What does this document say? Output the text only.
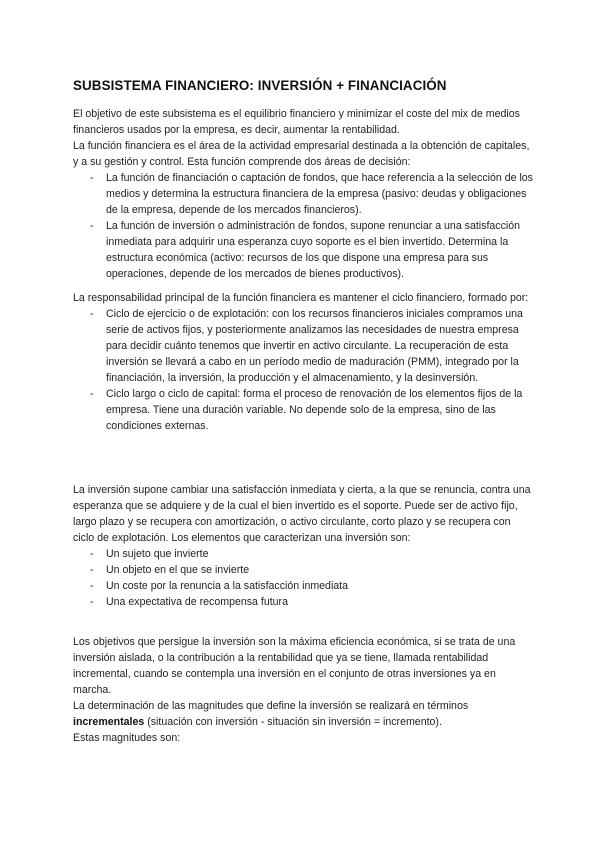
SUBSISTEMA FINANCIERO: INVERSIÓN + FINANCIACIÓN

El objetivo de este subsistema es el equilibrio financiero y minimizar el coste del mix de medios financieros usados por la empresa, es decir, aumentar la rentabilidad.

La función financiera es el área de la actividad empresarial destinada a la obtención de capitales, y a su gestión y control. Esta función comprende dos áreas de decisión:

- La función de financiación o captación de fondos, que hace referencia a la selección de los medios y determina la estructura financiera de la empresa (pasivo: deudas y obligaciones de la empresa, depende de los mercados financieros).
- La función de inversión o administración de fondos, supone renunciar a una satisfacción inmediata para adquirir una esperanza cuyo soporte es el bien invertido. Determina la estructura económica (activo: recursos de los que dispone una empresa para sus operaciones, depende de los mercados de bienes productivos).

La responsabilidad principal de la función financiera es mantener el ciclo financiero, formado por:

- Ciclo de ejercicio o de explotación: con los recursos financieros iniciales compramos una serie de activos fijos, y posteriormente analizamos las necesidades de nuestra empresa para decidir cuánto tenemos que invertir en activo circulante. La recuperación de esta inversión se llevará a cabo en un período medio de maduración (PMM), integrado por la financiación, la inversión, la producción y el almacenamiento, y la desinversión.
- Ciclo largo o ciclo de capital: forma el proceso de renovación de los elementos fijos de la empresa. Tiene una duración variable. No depende solo de la empresa, sino de las condiciones externas.

La inversión supone cambiar una satisfacción inmediata y cierta, a la que se renuncia, contra una esperanza que se adquiere y de la cual el bien invertido es el soporte. Puede ser de activo fijo, largo plazo y se recupera con amortización, o activo circulante, corto plazo y se recupera con ciclo de explotación. Los elementos que caracterizan una inversión son:

- Un sujeto que invierte
- Un objeto en el que se invierte
- Un coste por la renuncia a la satisfacción inmediata
- Una expectativa de recompensa futura

Los objetivos que persigue la inversión son la máxima eficiencia económica, si se trata de una inversión aislada, o la contribución a la rentabilidad que ya se tiene, llamada rentabilidad incremental, cuando se contempla una inversión en el conjunto de otras inversiones ya en marcha.

La determinación de las magnitudes que define la inversión se realizará en términos incrementales (situación con inversión - situación sin inversión = incremento).

Estas magnitudes son:
